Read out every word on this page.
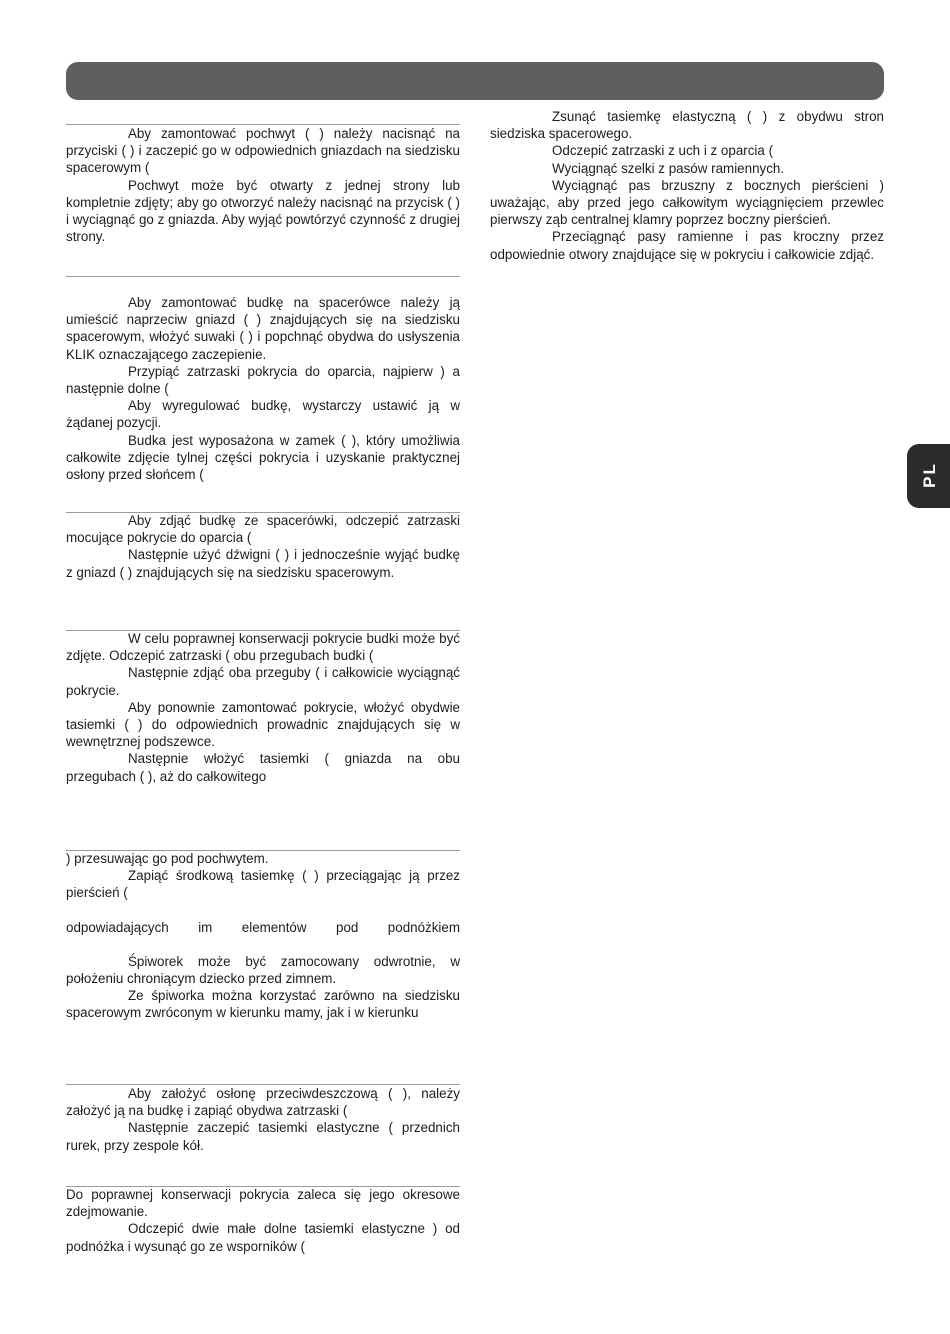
PL

Aby zamontować pochwyt ( ) należy nacisnąć na przyciski ( ) i zaczepić go w odpowiednich gniazdach na siedzisku spacerowym (

Pochwyt może być otwarty z jednej strony lub kompletnie zdjęty; aby go otworzyć należy nacisnąć na przycisk ( ) i wyciągnąć go z gniazda. Aby wyjąć powtórzyć czynność z drugiej strony.

Aby zamontować budkę na spacerówce należy ją umieścić naprzeciw gniazd ( ) znajdujących się na siedzisku spacerowym, włożyć suwaki ( ) i popchnąć obydwa do usłyszenia KLIK oznaczającego zaczepienie.

Przypiąć zatrzaski pokrycia do oparcia, najpierw ) a następnie dolne (

Aby wyregulować budkę, wystarczy ustawić ją w żądanej pozycji.

Budka jest wyposażona w zamek ( ), który umożliwia całkowite zdjęcie tylnej części pokrycia i uzyskanie praktycznej osłony przed słońcem (

Aby zdjąć budkę ze spacerówki, odczepić zatrzaski mocujące pokrycie do oparcia (

Następnie użyć dźwigni ( ) i jednocześnie wyjąć budkę z gniazd ( ) znajdujących się na siedzisku spacerowym.

W celu poprawnej konserwacji pokrycie budki może być zdjęte. Odczepić zatrzaski ( obu przegubach budki (

Następnie zdjąć oba przeguby ( i całkowicie wyciągnąć pokrycie.

Aby ponownie zamontować pokrycie, włożyć obydwie tasiemki ( ) do odpowiednich prowadnic znajdujących się w wewnętrznej podszewce.

Następnie włożyć tasiemki ( gniazda na obu przegubach ( ), aż do całkowitego

) przesuwając go pod pochwytem.

Zapiąć środkową tasiemkę ( ) przeciągając ją przez pierścień (

odpowiadających im elementów pod podnóżkiem

Śpiworek może być zamocowany odwrotnie, w położeniu chroniącym dziecko przed zimnem.

Ze śpiworka można korzystać zarówno na siedzisku spacerowym zwróconym w kierunku mamy, jak i w kierunku

Aby założyć osłonę przeciwdeszczową ( ), należy założyć ją na budkę i zapiąć obydwa zatrzaski (

Następnie zaczepić tasiemki elastyczne ( przednich rurek, przy zespole kół.

Do poprawnej konserwacji pokrycia zaleca się jego okresowe zdejmowanie.

Odczepić dwie małe dolne tasiemki elastyczne ) od podnóżka i wysunąć go ze wsporników (

Zsunąć tasiemkę elastyczną ( ) z obydwu stron siedziska spacerowego.

Odczepić zatrzaski z uch i z oparcia (

Wyciągnąć szelki z pasów ramiennych.

Wyciągnąć pas brzuszny z bocznych pierścieni ) uważając, aby przed jego całkowitym wyciągnięciem przewlec pierwszy ząb centralnej klamry poprzez boczny pierścień.

Przeciągnąć pasy ramienne i pas kroczny przez odpowiednie otwory znajdujące się w pokryciu i całkowicie zdjąć.
